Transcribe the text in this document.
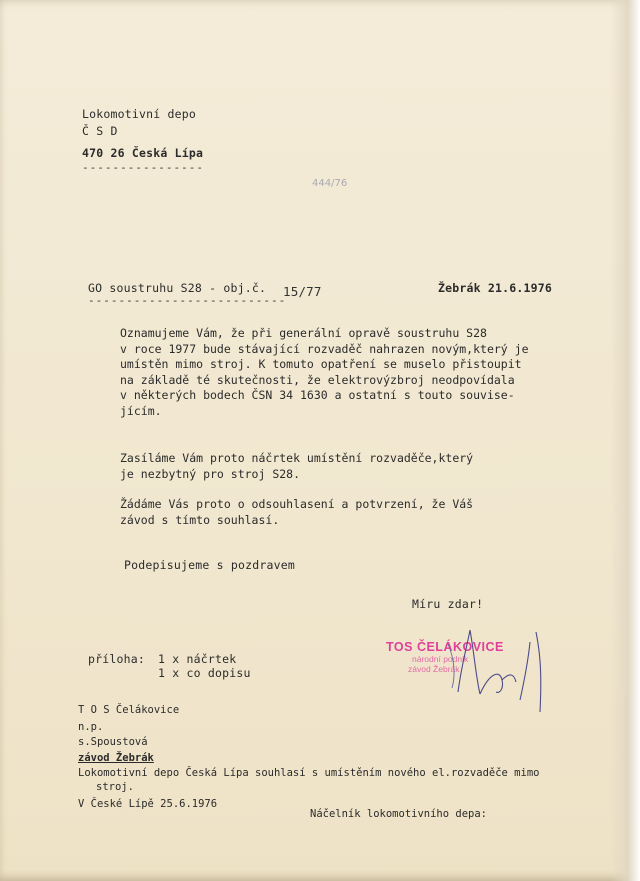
Lokomotivní depo
Č S D
470 26 Česká Lípa
----------------
444/76
GO soustruhu S28 - obj.č. 15/77
--------------------------
Žebrák 21.6.1976
Oznamujeme Vám, že při generální opravě soustruhu S28
v roce 1977 bude stávající rozvaděč nahrazen novým,který je
umístěn mimo stroj. K tomuto opatření se muselo přistoupit
na základě té skutečnosti, že elektrovýzbroj neodpovídala
v některých bodech ČSN 34 1630 a ostatní s touto souvise-
jícím.
Zasíláme Vám proto náčrtek umístění rozvaděče,který
je nezbytný pro stroj S28.
Žádáme Vás proto o odsouhlasení a potvrzení, že Váš
závod s tímto souhlasí.
Podepisujeme s pozdravem
Míru zdar!
příloha: 1 x náčrtek
1 x co dopisu
TOS ČELÁKOVICE
národní podnik
závod Žebrák
T O S Čelákovice
n.p.
s.Spoustová
závod Žebrák
Lokomotivní depo Česká Lípa souhlasí s umístěním nového el.rozvaděče mimo
stroj.
V České Lípě 25.6.1976
Náčelník lokomotivního depa:
